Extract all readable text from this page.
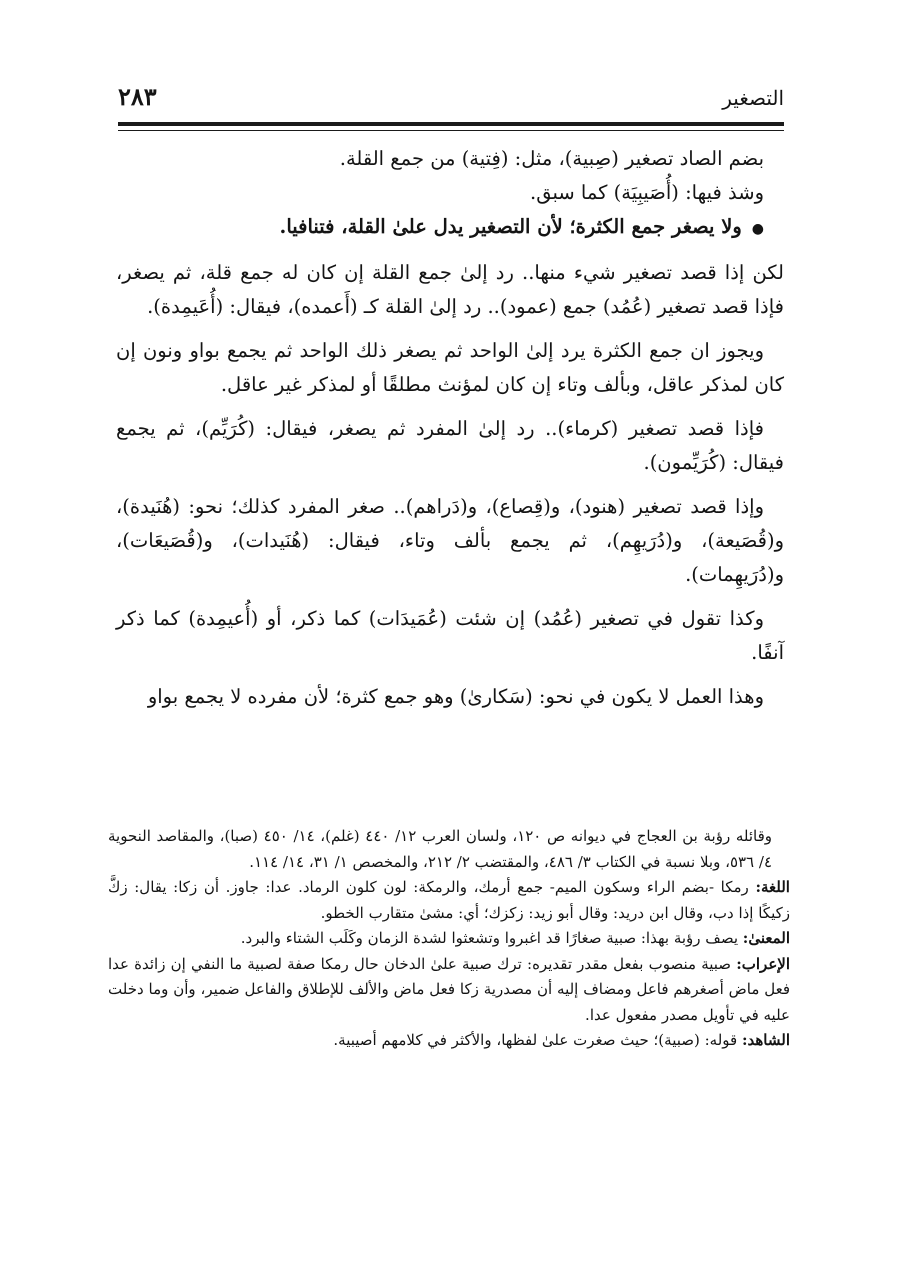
التصغير
٢٨٣

بضم الصاد تصغير (صِبية)، مثل: (فِتية) من جمع القلة.

وشذ فيها: (أُصَيبِيَة) كما سبق.

●ولا يصغر جمع الكثرة؛ لأن التصغير يدل علىٰ القلة، فتنافيا.

لكن إذا قصد تصغير شيء منها.. رد إلىٰ جمع القلة إن كان له جمع قلة، ثم يصغر، فإذا قصد تصغير (عُمُد) جمع (عمود).. رد إلىٰ القلة كـ (أَعمده)، فيقال: (أُعَيمِدة).

ويجوز ان جمع الكثرة يرد إلىٰ الواحد ثم يصغر ذلك الواحد ثم يجمع بواو ونون إن كان لمذكر عاقل، وبألف وتاء إن كان لمؤنث مطلقًا أو لمذكر غير عاقل.

فإذا قصد تصغير (كرماء).. رد إلىٰ المفرد ثم يصغر، فيقال: (كُرَيِّم)، ثم يجمع فيقال: (كُرَيِّمون).

وإذا قصد تصغير (هنود)، و(قِصاع)، و(دَراهم).. صغر المفرد كذلك؛ نحو: (هُنَيدة)، و(قُصَيعة)، و(دُرَيهِم)، ثم يجمع بألف وتاء، فيقال: (هُنَيدات)، و(قُصَيعَات)، و(دُرَيهِمات).

وكذا تقول في تصغير (عُمُد) إن شئت (عُمَيدَات) كما ذكر، أو (أُعيمِدة) كما ذكر آنفًا.

وهذا العمل لا يكون في نحو: (سَكارىٰ) وهو جمع كثرة؛ لأن مفرده لا يجمع بواو

وقائله رؤبة بن العجاج في ديوانه ص ١٢٠، ولسان العرب ١٢/ ٤٤٠ (غلم)، ١٤/ ٤٥٠ (صبا)، والمقاصد النحوية ٤/ ٥٣٦، وبلا نسبة في الكتاب ٣/ ٤٨٦، والمقتضب ٢/ ٢١٢، والمخصص ١/ ٣١، ١٤/ ١١٤.

اللغة: رمكا -بضم الراء وسكون الميم- جمع أرمك، والرمكة: لون كلون الرماد. عدا: جاوز. أن زكا: يقال: زكَّ زكيكًا إذا دب، وقال ابن دريد: وقال أبو زيد: زكزك؛ أي: مشىٰ متقارب الخطو.

المعنىٰ: يصف رؤبة بهذا: صبية صغارًا قد اغبروا وتشعثوا لشدة الزمان وكَلَب الشتاء والبرد.

الإعراب: صبية منصوب بفعل مقدر تقديره: ترك صبية علىٰ الدخان حال رمكا صفة لصبية ما النفي إن زائدة عدا فعل ماض أصغرهم فاعل ومضاف إليه أن مصدرية زكا فعل ماض والألف للإطلاق والفاعل ضمير، وأن وما دخلت عليه في تأويل مصدر مفعول عدا.

الشاهد: قوله: (صبية)؛ حيث صغرت علىٰ لفظها، والأكثر في كلامهم أصيبية.
